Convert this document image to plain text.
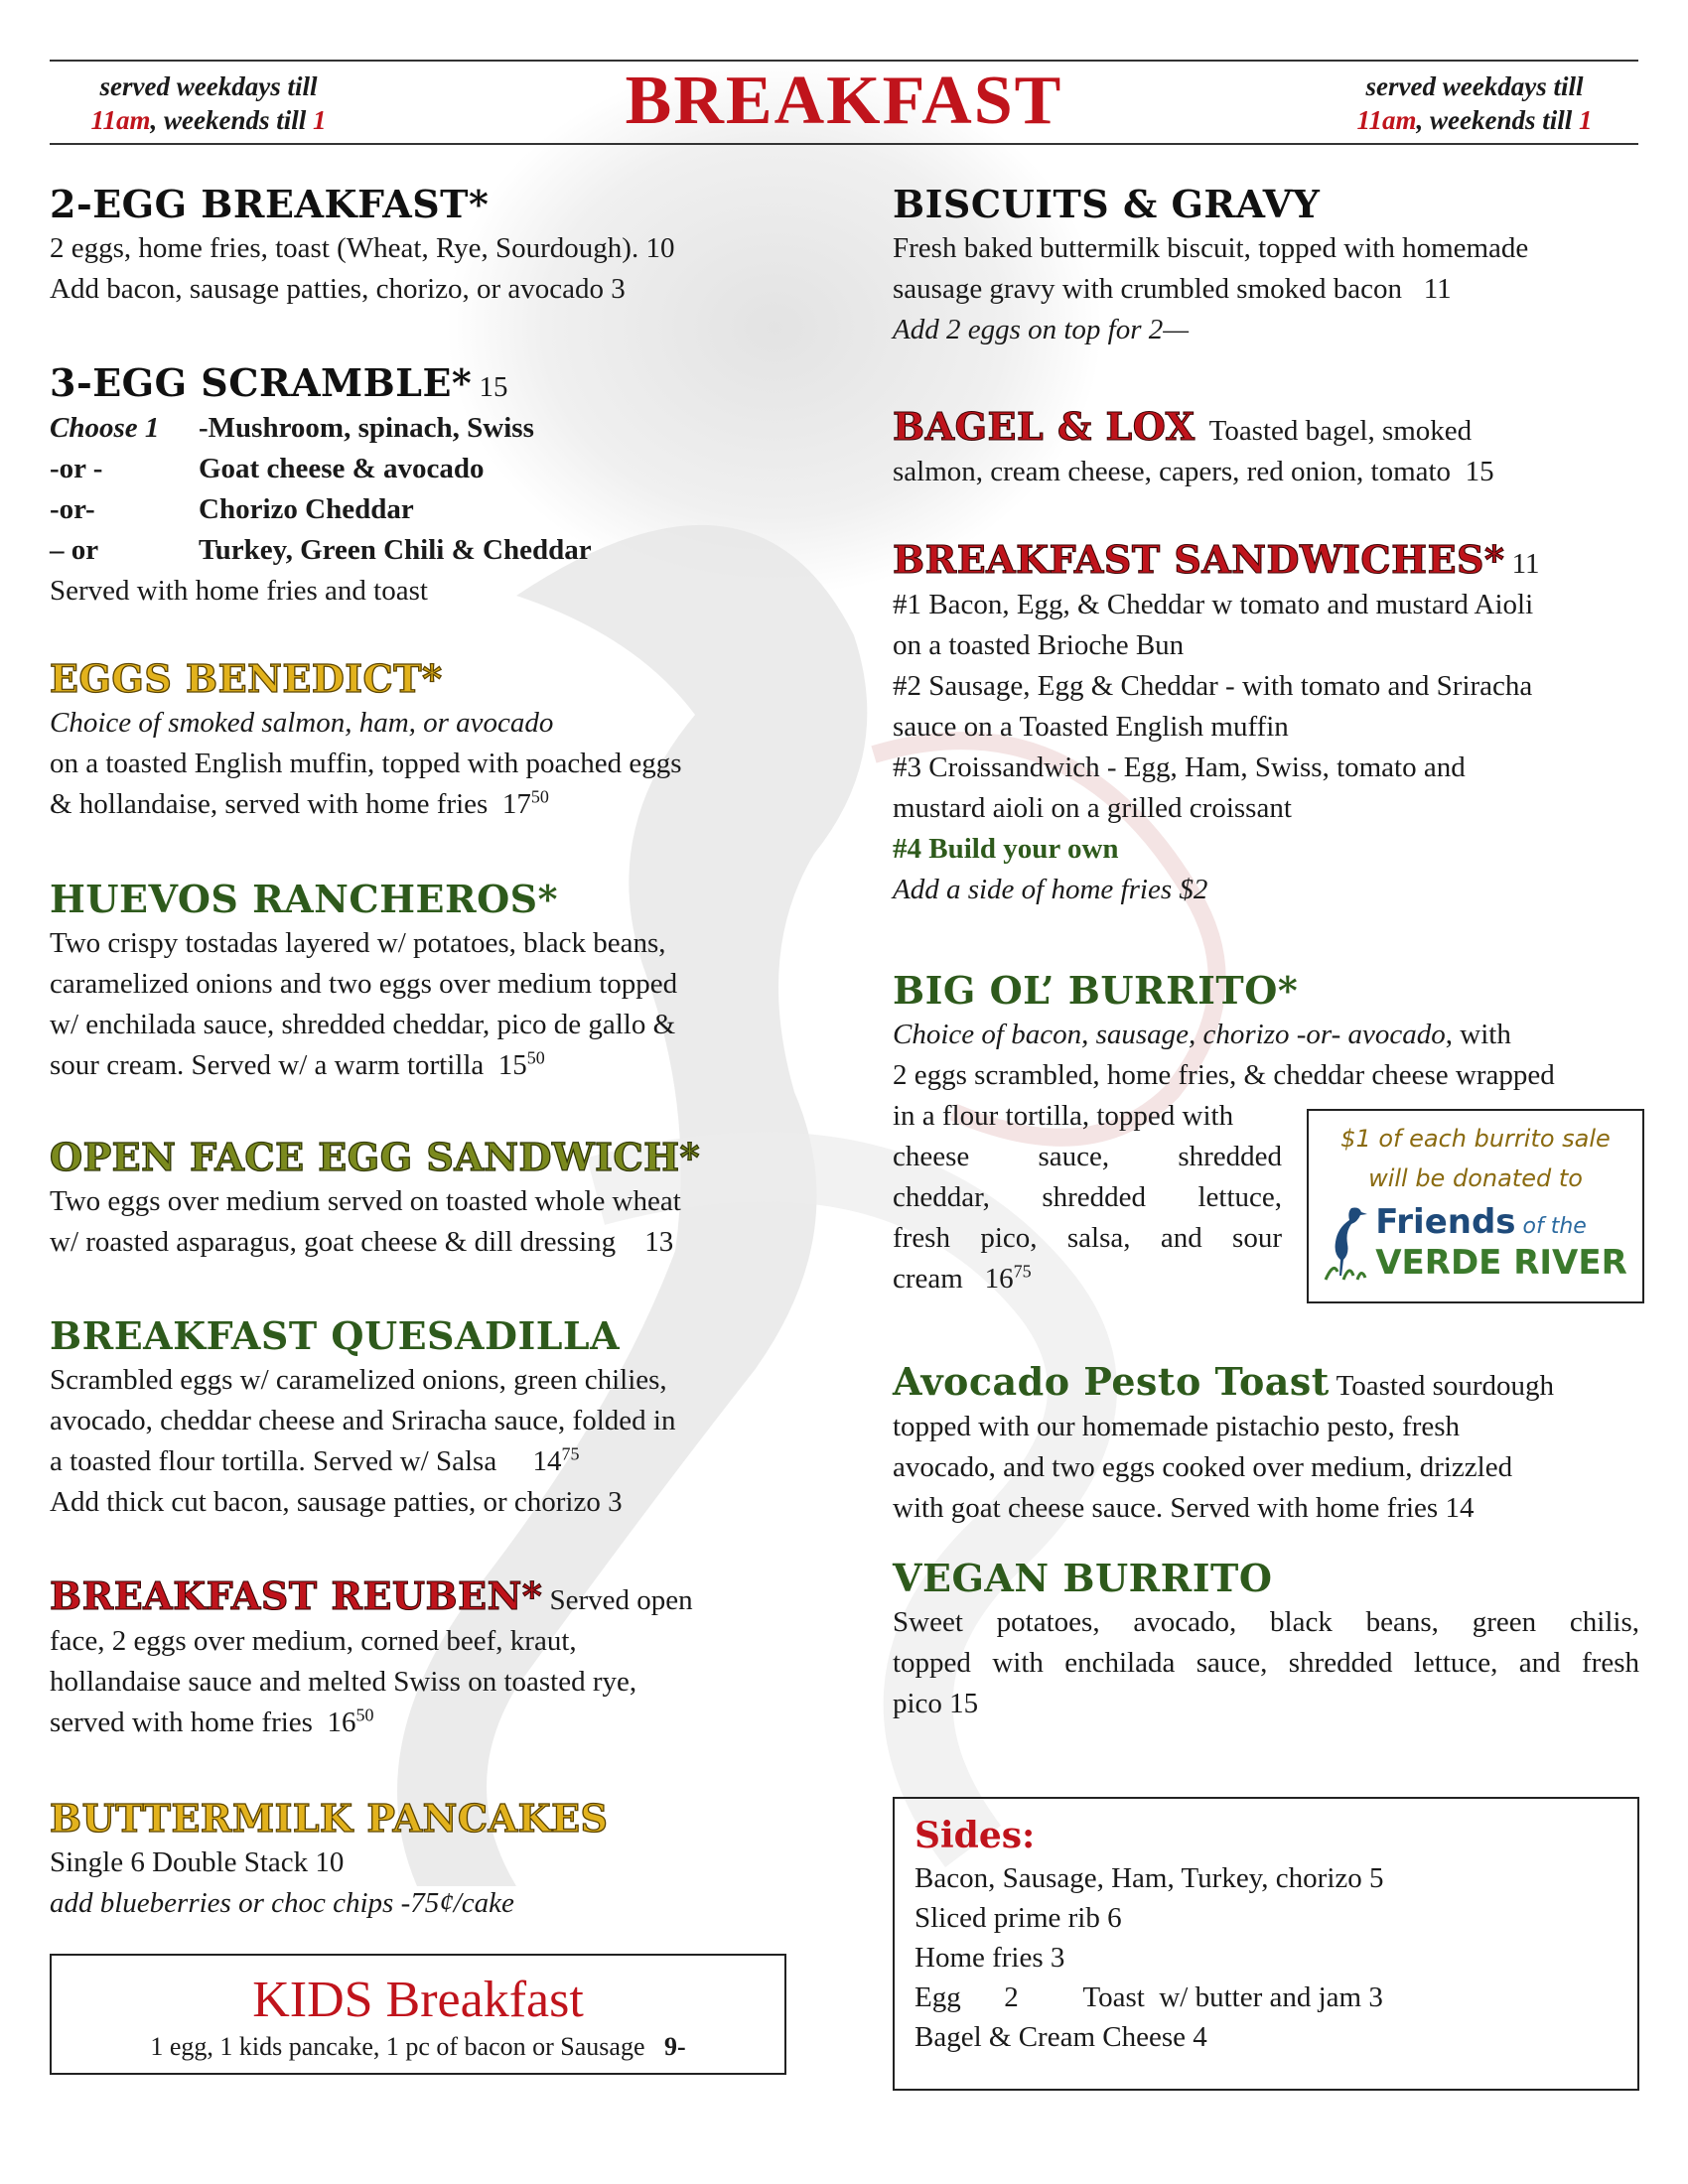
served weekdays till
11am, weekends till 1	BREAKFAST	served weekdays till
11am, weekends till 1
2-EGG BREAKFAST*
2 eggs, home fries, toast (Wheat, Rye, Sourdough). 10
Add bacon, sausage patties, chorizo, or avocado 3
3-EGG SCRAMBLE* 15
Choose 1	-Mushroom, spinach, Swiss
-or -	Goat cheese & avocado
-or-	Chorizo Cheddar
– or	Turkey, Green Chili & Cheddar
Served with home fries and toast
EGGS BENEDICT*
Choice of smoked salmon, ham, or avocado
on a toasted English muffin, topped with poached eggs
& hollandaise, served with home fries $17^{50}$
HUEVOS RANCHEROS*
Two crispy tostadas layered w/ potatoes, black beans,
caramelized onions and two eggs over medium topped
w/ enchilada sauce, shredded cheddar, pico de gallo &
sour cream. Served w/ a warm tortilla $15^{50}$
OPEN FACE EGG SANDWICH*
Two eggs over medium served on toasted whole wheat
w/ roasted asparagus, goat cheese & dill dressing 13
BREAKFAST QUESADILLA
Scrambled eggs w/ caramelized onions, green chilies,
avocado, cheddar cheese and Sriracha sauce, folded in
a toasted flour tortilla. Served w/ Salsa $14^{75}$
Add thick cut bacon, sausage patties, or chorizo 3
BREAKFAST REUBEN* Served open
face, 2 eggs over medium, corned beef, kraut,
hollandaise sauce and melted Swiss on toasted rye,
served with home fries $16^{50}$
BUTTERMILK PANCAKES
Single 6 Double Stack 10
add blueberries or choc chips -75¢/cake
KIDS Breakfast
1 egg, 1 kids pancake, 1 pc of bacon or Sausage 9-
BISCUITS & GRAVY
Fresh baked buttermilk biscuit, topped with homemade
sausage gravy with crumbled smoked bacon 11
Add 2 eggs on top for 2—
BAGEL & LOX Toasted bagel, smoked
salmon, cream cheese, capers, red onion, tomato 15
BREAKFAST SANDWICHES* 11
#1 Bacon, Egg, & Cheddar w tomato and mustard Aioli
on a toasted Brioche Bun
#2 Sausage, Egg & Cheddar - with tomato and Sriracha
sauce on a Toasted English muffin
#3 Croissandwich - Egg, Ham, Swiss, tomato and
mustard aioli on a grilled croissant
#4 Build your own
Add a side of home fries $2
BIG OL’ BURRITO*
Choice of bacon, sausage, chorizo -or- avocado, with
2 eggs scrambled, home fries, & cheddar cheese wrapped
in a flour tortilla, topped with
cheese sauce, shredded
cheddar, shredded lettuce,
fresh pico, salsa, and sour
cream $16^{75}$
$1 of each burrito sale
will be donated to
Friends of the
VERDE RIVER
Avocado Pesto Toast Toasted sourdough
topped with our homemade pistachio pesto, fresh
avocado, and two eggs cooked over medium, drizzled
with goat cheese sauce. Served with home fries 14
VEGAN BURRITO
Sweet potatoes, avocado, black beans, green chilis,
topped with enchilada sauce, shredded lettuce, and fresh
pico 15
Sides:
Bacon, Sausage, Ham, Turkey, chorizo 5
Sliced prime rib 6
Home fries 3
Egg      2 Toast  w/ butter and jam 3
Bagel & Cream Cheese 4
